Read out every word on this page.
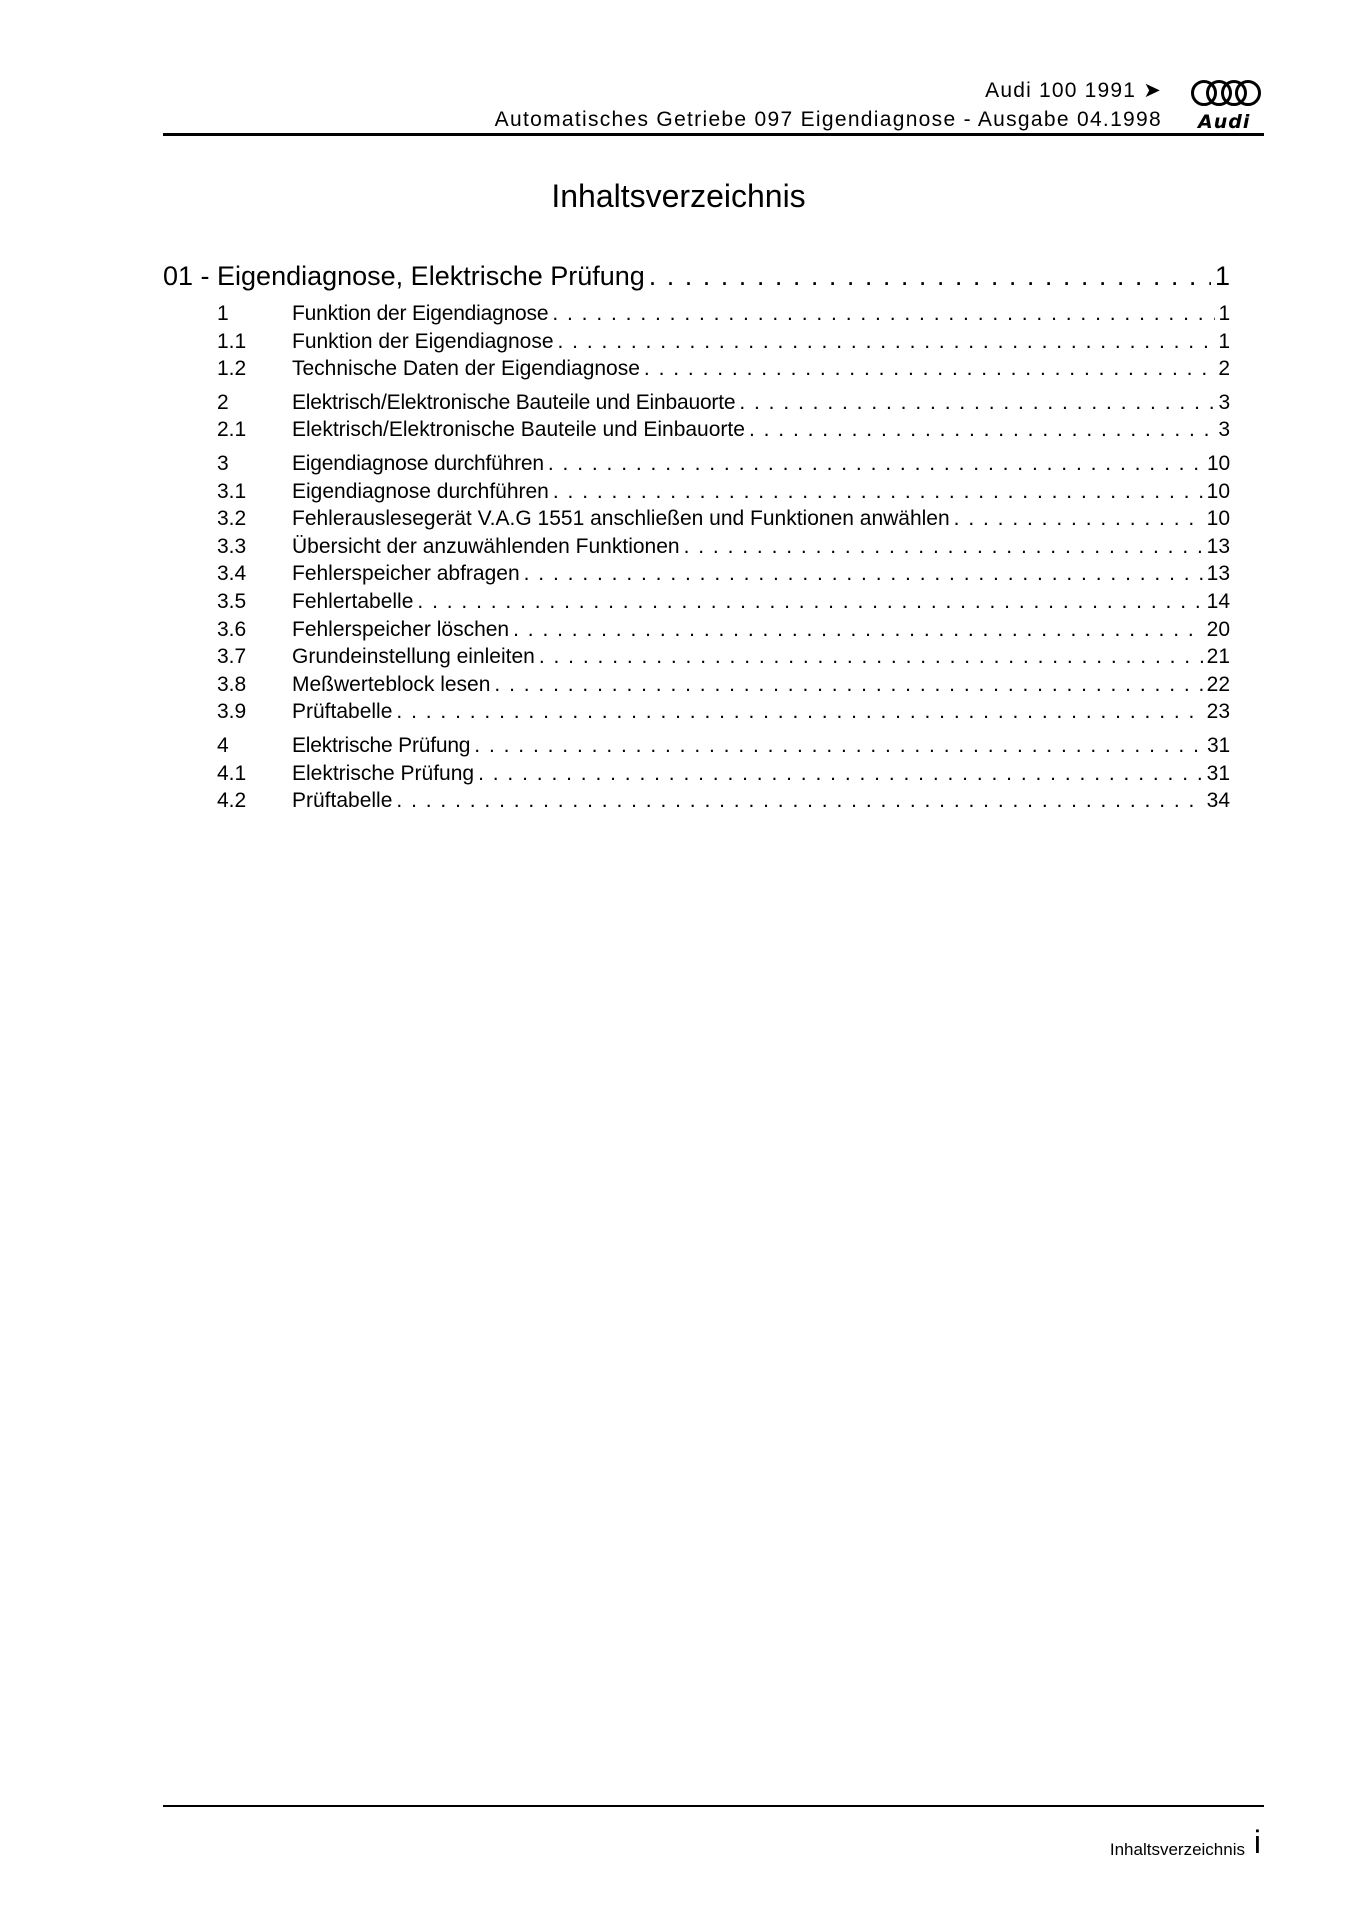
Audi 100 1991 ➤
Automatisches Getriebe 097 Eigendiagnose - Ausgabe 04.1998 Audi
Inhaltsverzeichnis
01 - Eigendiagnose, Elektrische Prüfung . . .	1
1	Funktion der Eigendiagnose . . .	1
1.1	Funktion der Eigendiagnose . . .	1
1.2	Technische Daten der Eigendiagnose . . .	2
2	Elektrisch/Elektronische Bauteile und Einbauorte . . .	3
2.1	Elektrisch/Elektronische Bauteile und Einbauorte . . .	3
3	Eigendiagnose durchführen . . .	10
3.1	Eigendiagnose durchführen . . .	10
3.2	Fehlerauslesegerät V.A.G 1551 anschließen und Funktionen anwählen . . .	10
3.3	Übersicht der anzuwählenden Funktionen . . .	13
3.4	Fehlerspeicher abfragen . . .	13
3.5	Fehlertabelle . . .	14
3.6	Fehlerspeicher löschen . . .	20
3.7	Grundeinstellung einleiten . . .	21
3.8	Meßwerteblock lesen . . .	22
3.9	Prüftabelle . . .	23
4	Elektrische Prüfung . . .	31
4.1	Elektrische Prüfung . . .	31
4.2	Prüftabelle . . .	34
Inhaltsverzeichnis i
